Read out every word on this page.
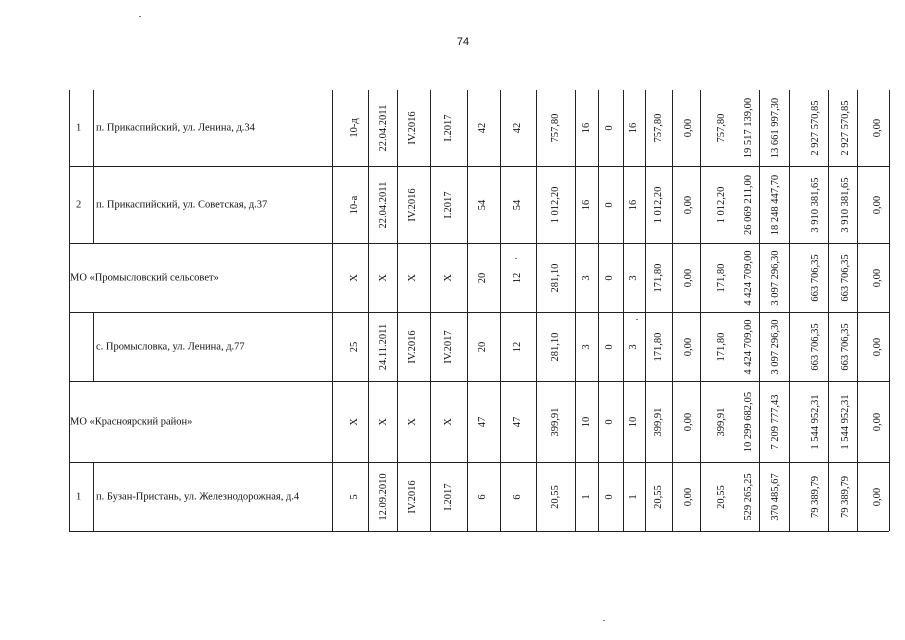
74
1 п. Прикаспийский, ул. Ленина, д.34	10-д 22.04.2011 IV.2016 I.2017 42 42	757,80 16 0 16 757,80 0,00 757,80 19 517 139,00 13 661 997,30	2 927 570,85 2 927 570,85 0,00
2 п. Прикаспийский, ул. Советская, д.37	10-а 22.04.2011 IV.2016 I.2017 54 54	1 012,20 16 0 16 1 012,20 0,00 1 012,20 26 069 211,00 18 248 447,70	3 910 381,65 3 910 381,65 0,00
МО «Промысловский сельсовет»	Х Х Х Х 20 12	281,10 3 0 3 171,80 0,00 171,80 4 424 709,00 3 097 296,30	663 706,35 663 706,35 0,00
с. Промысловка, ул. Ленина, д.77	25 24.11.2011 IV.2016 IV.2017 20 12	281,10 3 0 3 171,80 0,00 171,80 4 424 709,00 3 097 296,30	663 706,35 663 706,35 0,00
МО «Красноярский район»	Х Х Х Х 47 47	399,91 10 0 10 399,91 0,00 399,91 10 299 682,05 7 209 777,43	1 544 952,31 1 544 952,31 0,00
1 п. Бузан-Пристань, ул. Железнодорожная, д.4	5 12.09.2010 IV.2016 I.2017 6 6	20,55 1 0 1 20,55 0,00 20,55 529 265,25 370 485,67	79 389,79 79 389,79 0,00
